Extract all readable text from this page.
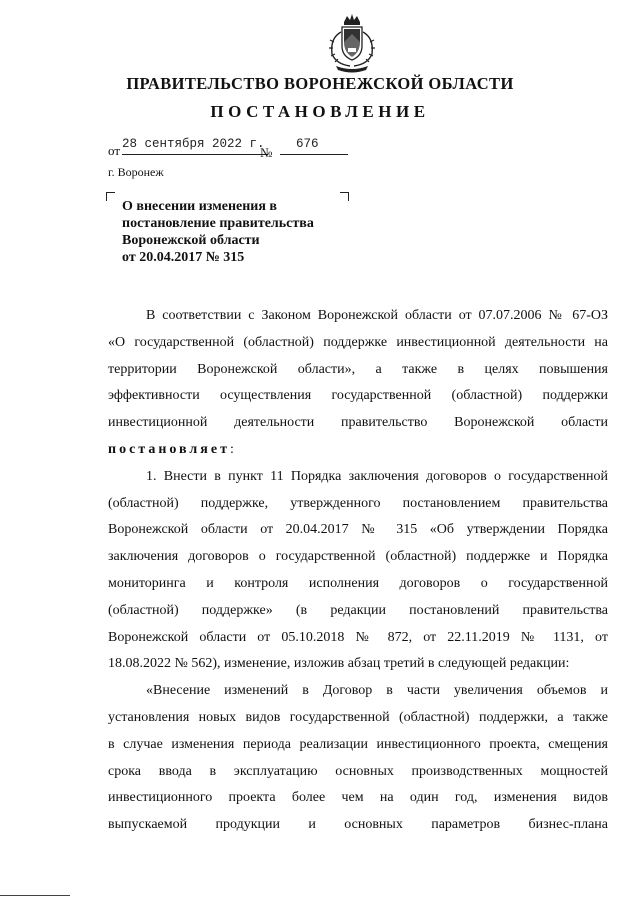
ПРАВИТЕЛЬСТВО ВОРОНЕЖСКОЙ ОБЛАСТИ
ПОСТАНОВЛЕНИЕ
от 28 сентября 2022 г.
№
676
г. Воронеж
О внесении изменения в
постановление правительства
Воронежской области
от 20.04.2017 № 315

В соответствии с Законом Воронежской области от 07.07.2006 № 67-ОЗ
«О государственной (областной) поддержке инвестиционной деятельности на
территории Воронежской области», а также в целях повышения
эффективности осуществления государственной (областной) поддержки
инвестиционной деятельности правительство Воронежской области

постановляет:

1. Внести в пункт 11 Порядка заключения договоров о государственной
(областной) поддержке, утвержденного постановлением правительства
Воронежской области от 20.04.2017 № 315 «Об утверждении Порядка
заключения договоров о государственной (областной) поддержке и Порядка
мониторинга и контроля исполнения договоров о государственной
(областной) поддержке» (в редакции постановлений правительства
Воронежской области от 05.10.2018 № 872, от 22.11.2019 № 1131, от
18.08.2022 № 562), изменение, изложив абзац третий в следующей редакции:

«Внесение изменений в Договор в части увеличения объемов и
установления новых видов государственной (областной) поддержки, а также
в случае изменения периода реализации инвестиционного проекта, смещения
срока ввода в эксплуатацию основных производственных мощностей
инвестиционного проекта более чем на один год, изменения видов
выпускаемой продукции и основных параметров бизнес-плана
